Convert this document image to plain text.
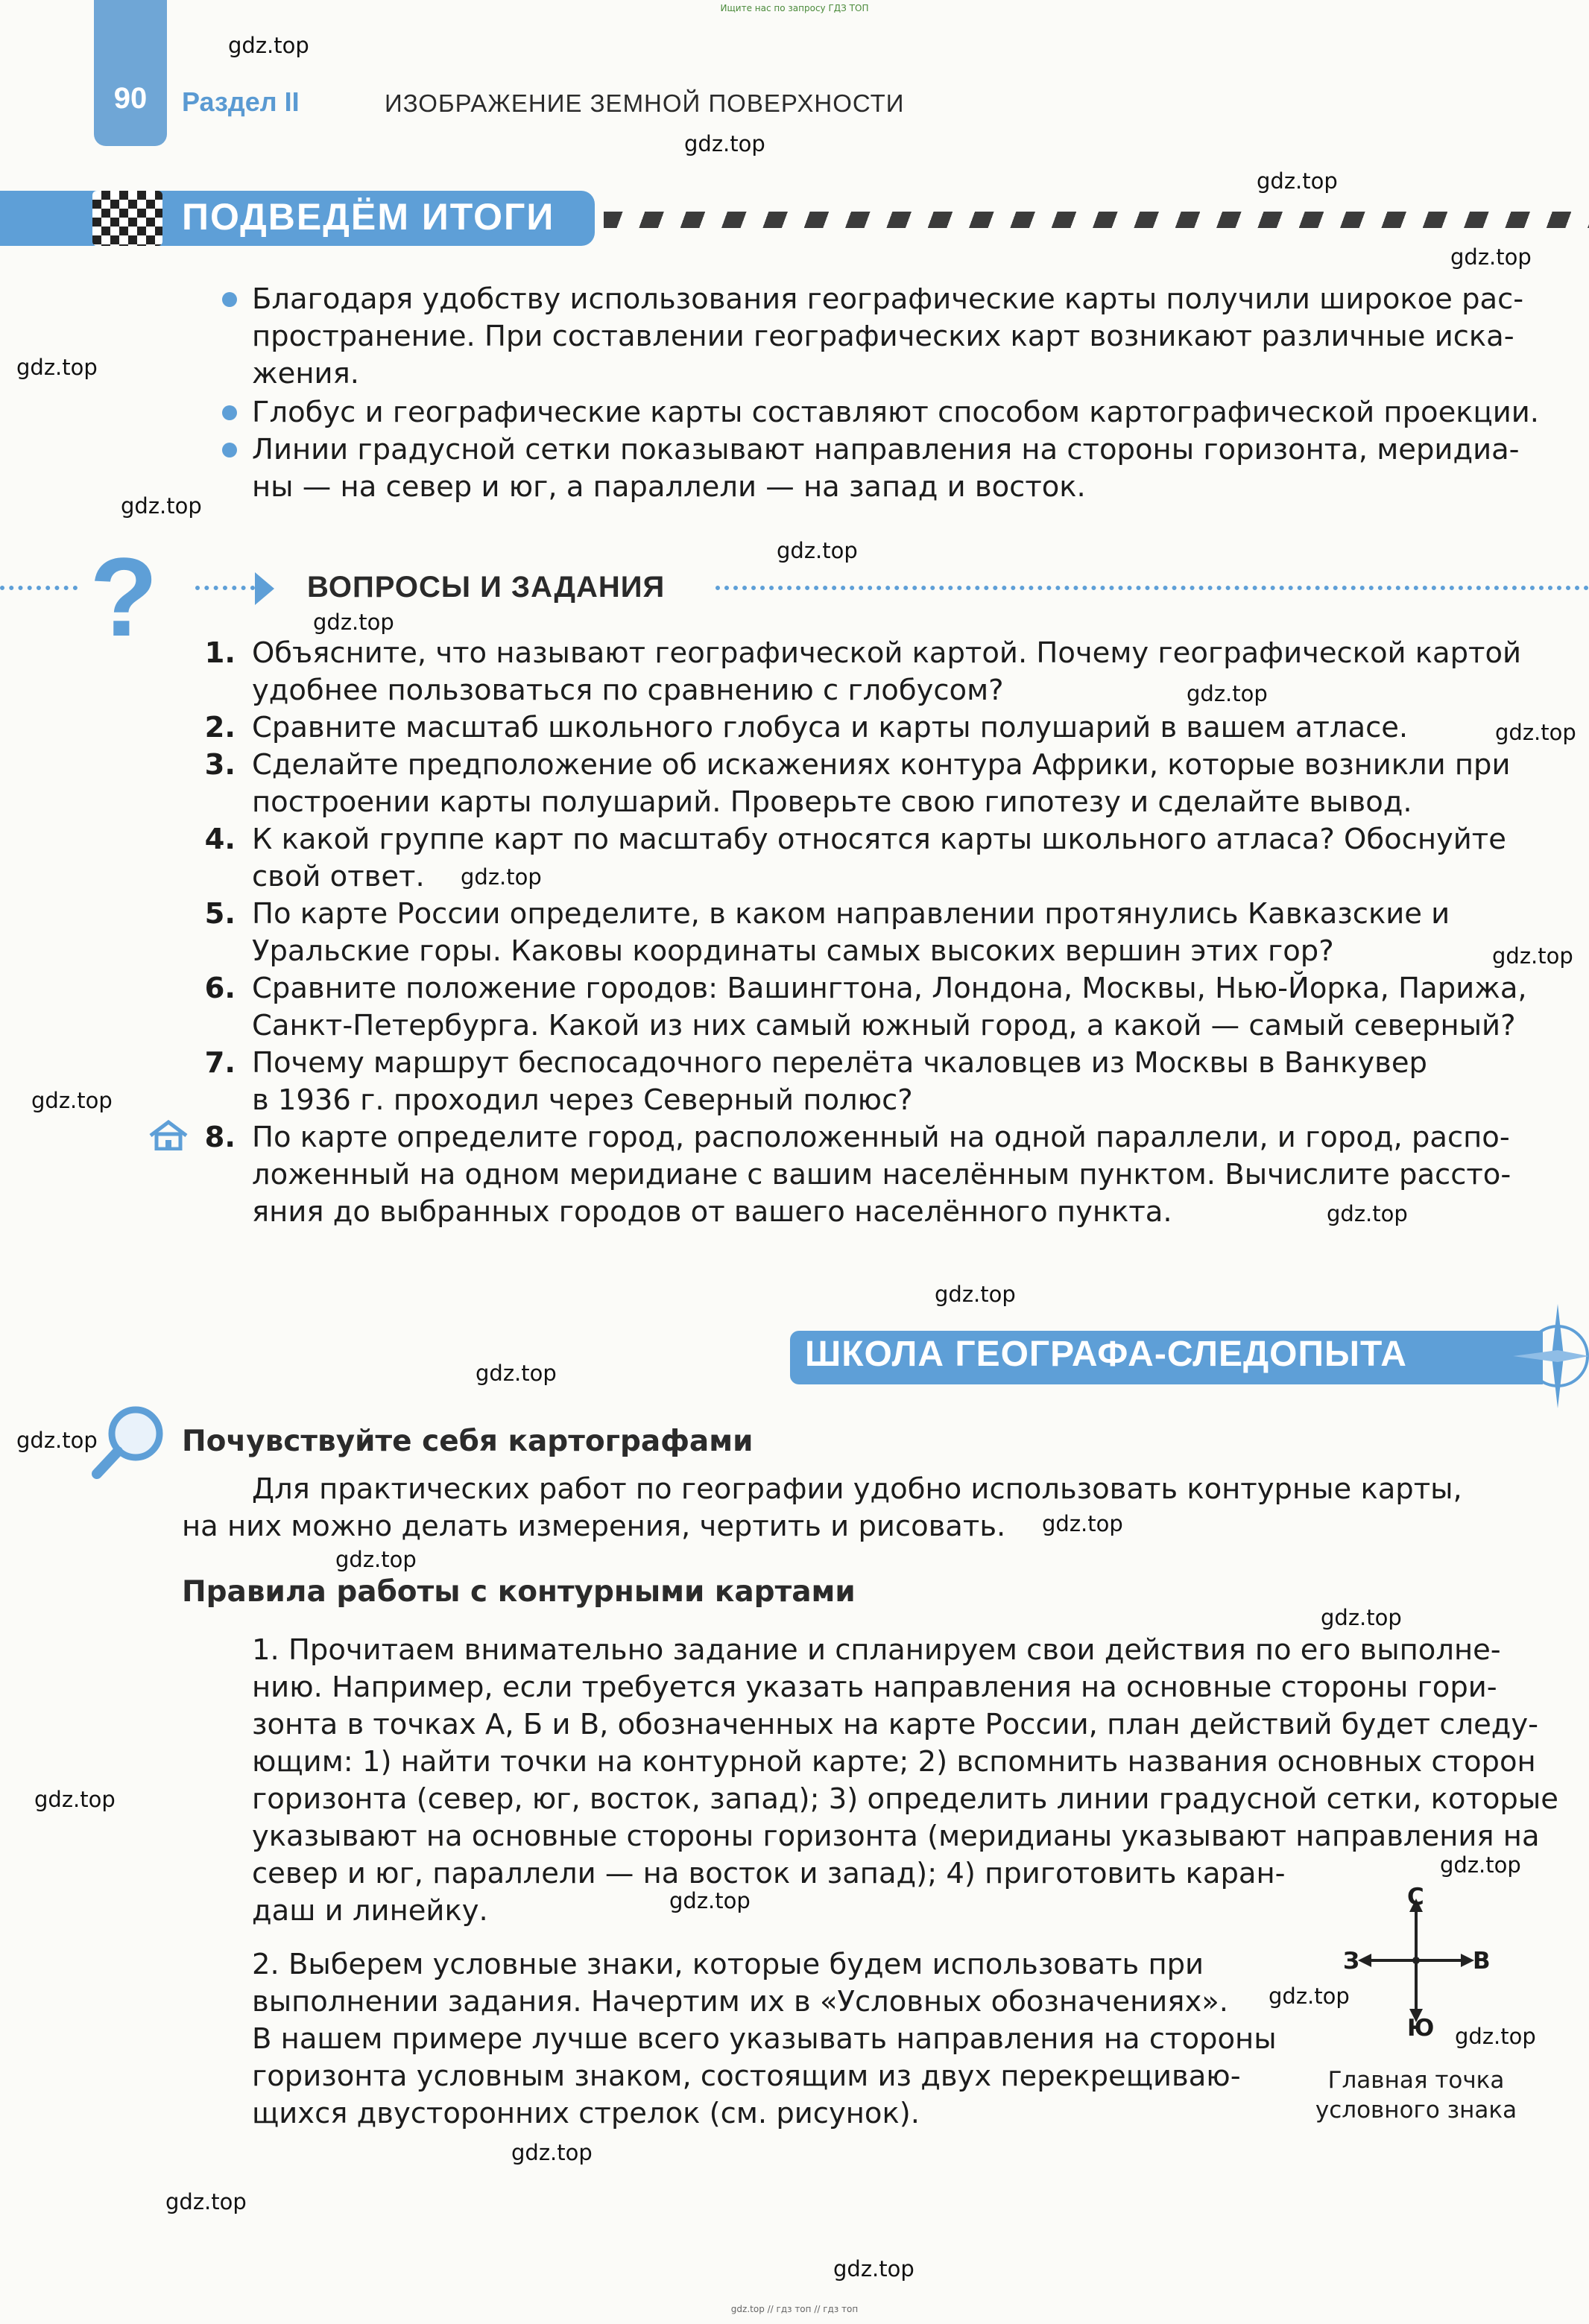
Ищите нас по запросу ГДЗ ТОП
90	Раздел II	ИЗОБРАЖЕНИЕ ЗЕМНОЙ ПОВЕРХНОСТИ
ПОДВЕДЁМ ИТОГИ
Благодаря удобству использования географические карты получили широкое рас-
пространение. При составлении географических карт возникают различные иска-
жения.
Глобус и географические карты составляют способом картографической проекции.
Линии градусной сетки показывают направления на стороны горизонта, меридиа-
ны — на север и юг, а параллели — на запад и восток.
?	ВОПРОСЫ И ЗАДАНИЯ
1. Объясните, что называют географической картой. Почему географической картой
удобнее пользоваться по сравнению с глобусом?
2. Сравните масштаб школьного глобуса и карты полушарий в вашем атласе.
3. Сделайте предположение об искажениях контура Африки, которые возникли при
построении карты полушарий. Проверьте свою гипотезу и сделайте вывод.
4. К какой группе карт по масштабу относятся карты школьного атласа? Обоснуйте
свой ответ.
5. По карте России определите, в каком направлении протянулись Кавказские и
Уральские горы. Каковы координаты самых высоких вершин этих гор?
6. Сравните положение городов: Вашингтона, Лондона, Москвы, Нью-Йорка, Парижа,
Санкт-Петербурга. Какой из них самый южный город, а какой — самый северный?
7. Почему маршрут беспосадочного перелёта чкаловцев из Москвы в Ванкувер
в 1936 г. проходил через Северный полюс?
8. По карте определите город, расположенный на одной параллели, и город, распо-
ложенный на одном меридиане с вашим населённым пунктом. Вычислите рассто-
яния до выбранных городов от вашего населённого пункта.
ШКОЛА ГЕОГРАФА-СЛЕДОПЫТА
Почувствуйте себя картографами
Для практических работ по географии удобно использовать контурные карты,
на них можно делать измерения, чертить и рисовать.
Правила работы с контурными картами
1. Прочитаем внимательно задание и спланируем свои действия по его выполне-
нию. Например, если требуется указать направления на основные стороны гори-
зонта в точках А, Б и В, обозначенных на карте России, план действий будет следу-
ющим: 1) найти точки на контурной карте; 2) вспомнить названия основных сторон
горизонта (север, юг, восток, запад); 3) определить линии градусной сетки, которые
указывают на основные стороны горизонта (меридианы указывают направления на
север и юг, параллели — на восток и запад); 4) приготовить каран-
даш и линейку.
2. Выберем условные знаки, которые будем использовать при
выполнении задания. Начертим их в «Условных обозначениях».
В нашем примере лучше всего указывать направления на стороны
горизонта условным знаком, состоящим из двух перекрещиваю-
щихся двусторонних стрелок (см. рисунок).
С
Ю
З	В
Главная точка
условного знака
gdz.top
gdz.top
gdz.top
gdz.top
gdz.top
gdz.top
gdz.top
gdz.top
gdz.top
gdz.top
gdz.top
gdz.top
gdz.top
gdz.top
gdz.top
gdz.top
gdz.top
gdz.top
gdz.top
gdz.top
gdz.top
gdz.top
gdz.top
gdz.top
gdz.top
gdz.top
gdz.top
gdz.top
gdz.top // гдз топ // гдз топ
